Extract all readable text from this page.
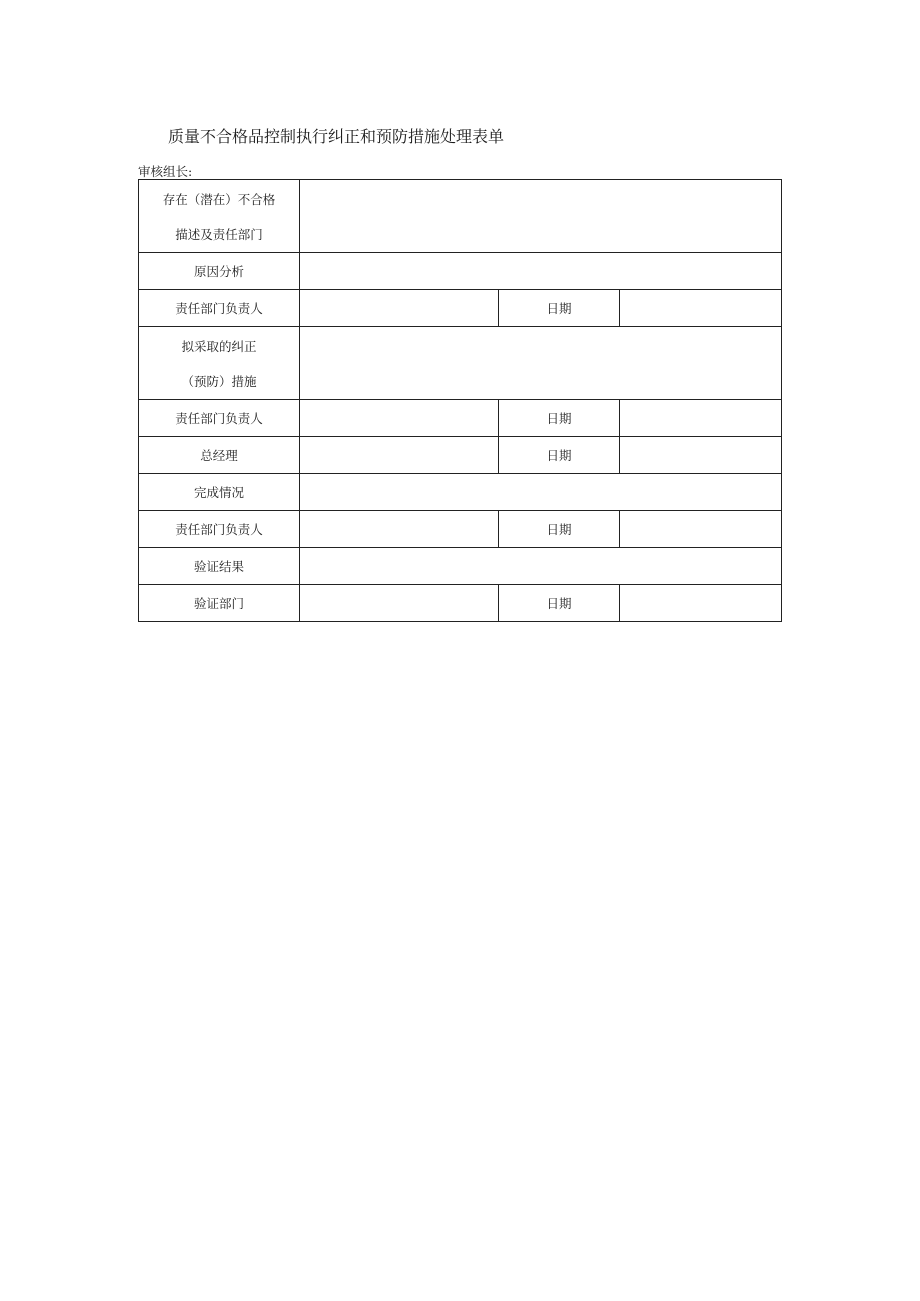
质量不合格品控制执行纠正和预防措施处理表单
审核组长:
存在（潜在）不合格
描述及责任部门			

原因分析			
责任部门负责人		日期	

拟采取的纠正
（预防）措施			

责任部门负责人		日期	
总经理		日期	
完成情况			
责任部门负责人		日期	
验证结果			
验证部门		日期	
